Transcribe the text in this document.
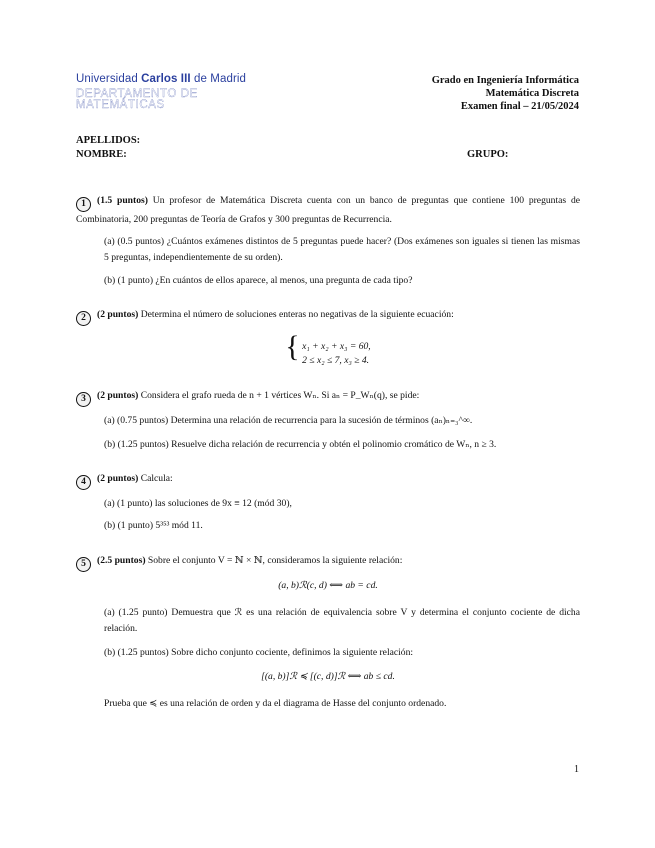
Universidad Carlos III de Madrid
DEPARTAMENTO DE
MATEMÁTICAS
Grado en Ingeniería Informática
Matemática Discreta
Examen final – 21/05/2024
APELLIDOS:
NOMBRE:	GRUPO:
1 (1.5 puntos) Un profesor de Matemática Discreta cuenta con un banco de preguntas que contiene 100 preguntas de Combinatoria, 200 preguntas de Teoría de Grafos y 300 preguntas de Recurrencia.
(a) (0.5 puntos) ¿Cuántos exámenes distintos de 5 preguntas puede hacer? (Dos exámenes son iguales si tienen las mismas 5 preguntas, independientemente de su orden).
(b) (1 punto) ¿En cuántos de ellos aparece, al menos, una pregunta de cada tipo?
2 (2 puntos) Determina el número de soluciones enteras no negativas de la siguiente ecuación:
{ x₁ + x₂ + x₃ = 60,
2 ≤ x₂ ≤ 7, x₃ ≥ 4.
3 (2 puntos) Considera el grafo rueda de n + 1 vértices Wₙ. Si aₙ = P_Wₙ(q), se pide:
(a) (0.75 puntos) Determina una relación de recurrencia para la sucesión de términos (aₙ)ₙ₌₃^∞.
(b) (1.25 puntos) Resuelve dicha relación de recurrencia y obtén el polinomio cromático de Wₙ, n ≥ 3.
4 (2 puntos) Calcula:
(a) (1 punto) las soluciones de 9x ≡ 12 (mód 30),
(b) (1 punto) 5³⁵³ mód 11.
5 (2.5 puntos) Sobre el conjunto V = ℕ × ℕ, consideramos la siguiente relación:
(a, b)ℛ(c, d) ⟺ ab = cd.
(a) (1.25 punto) Demuestra que ℛ es una relación de equivalencia sobre V y determina el conjunto cociente de dicha relación.
(b) (1.25 puntos) Sobre dicho conjunto cociente, definimos la siguiente relación:
[(a, b)]ℛ ≼ [(c, d)]ℛ ⟺ ab ≤ cd.
Prueba que ≼ es una relación de orden y da el diagrama de Hasse del conjunto ordenado.
1
